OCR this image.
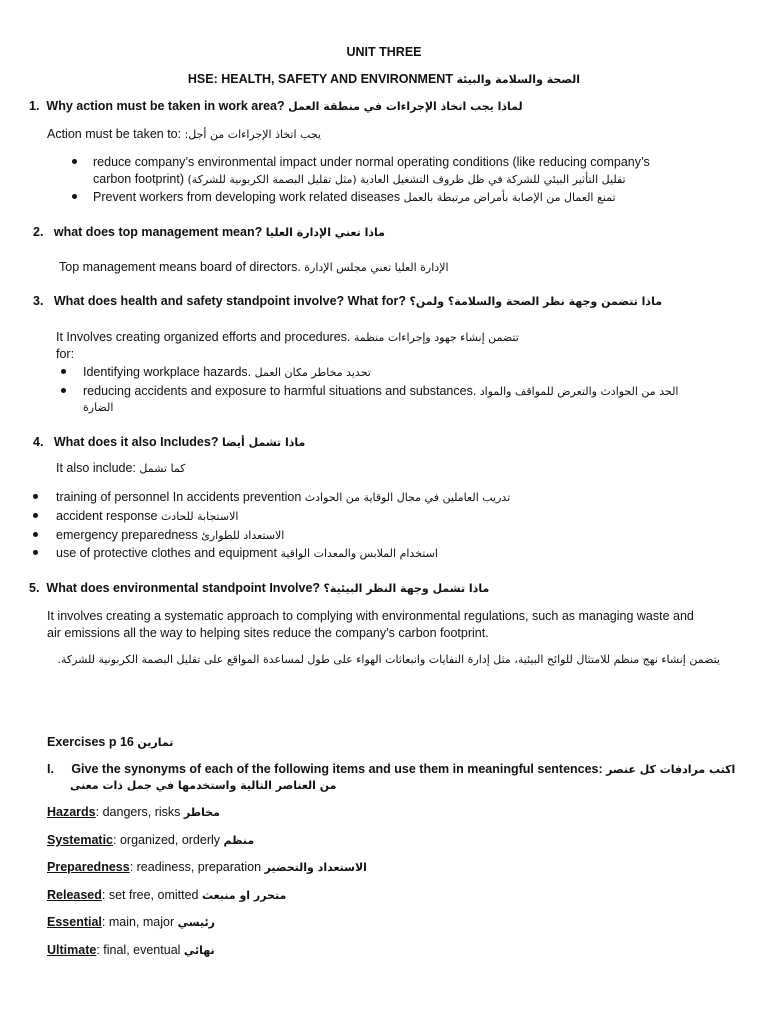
UNIT THREE
HSE: HEALTH, SAFETY AND ENVIRONMENT الصحة والسلامة والبيئة
1. Why action must be taken in work area? لماذا يجب اتخاذ الإجراءات في منطقة العمل
Action must be taken to: يجب اتخاذ الإجراءات من أجل:
reduce company’s environmental impact under normal operating conditions (like reducing company’s
carbon footprint) تقليل التأثير البيئي للشركة في ظل ظروف التشغيل العادية (مثل تقليل البصمة الكربونية للشركة)
Prevent workers from developing work related diseases تمنع العمال من الإصابة بأمراض مرتبطة بالعمل
2. what does top management mean? ماذا تعني الإدارة العليا
Top management means board of directors. الإدارة العليا تعني مجلس الإدارة
3. What does health and safety standpoint involve? What for? ماذا تتضمن وجهة نظر الصحة والسلامة؟ ولمن؟
It Involves creating organized efforts and procedures. تتضمن إنشاء جهود وإجراءات منظمة
for:
Identifying workplace hazards. تحديد مخاطر مكان العمل
reducing accidents and exposure to harmful situations and substances. الحد من الحوادث والتعرض للمواقف والمواد
الضارة
4. What does it also Includes? ماذا تشمل أيضا
It also include: كما تشمل
training of personnel In accidents prevention تدريب العاملين في مجال الوقاية من الحوادث
accident response الاستجابة للحادث
emergency preparedness الاستعداد للطوارئ
use of protective clothes and equipment استخدام الملابس والمعدات الواقية
5. What does environmental standpoint Involve? ماذا تشمل وجهة النظر البيئية؟
It involves creating a systematic approach to complying with environmental regulations, such as managing waste and
air emissions all the way to helping sites reduce the company’s carbon footprint.
يتضمن إنشاء نهج منظم للامتثال للوائح البيئية، مثل إدارة النفايات وانبعاثات الهواء على طول لمساعدة المواقع على تقليل البصمة الكربونية للشركة.
Exercises p 16 تمارين
I. Give the synonyms of each of the following items and use them in meaningful sentences: اكتب مرادفات كل عنصر
من العناصر التالية واستخدمها في جمل ذات معنى
Hazards: dangers, risks مخاطر
Systematic: organized, orderly منظم
Preparedness: readiness, preparation الاستعداد والتحضير
Released: set free, omitted متحرر او منبعث
Essential: main, major رئيسي
Ultimate: final, eventual نهائي
